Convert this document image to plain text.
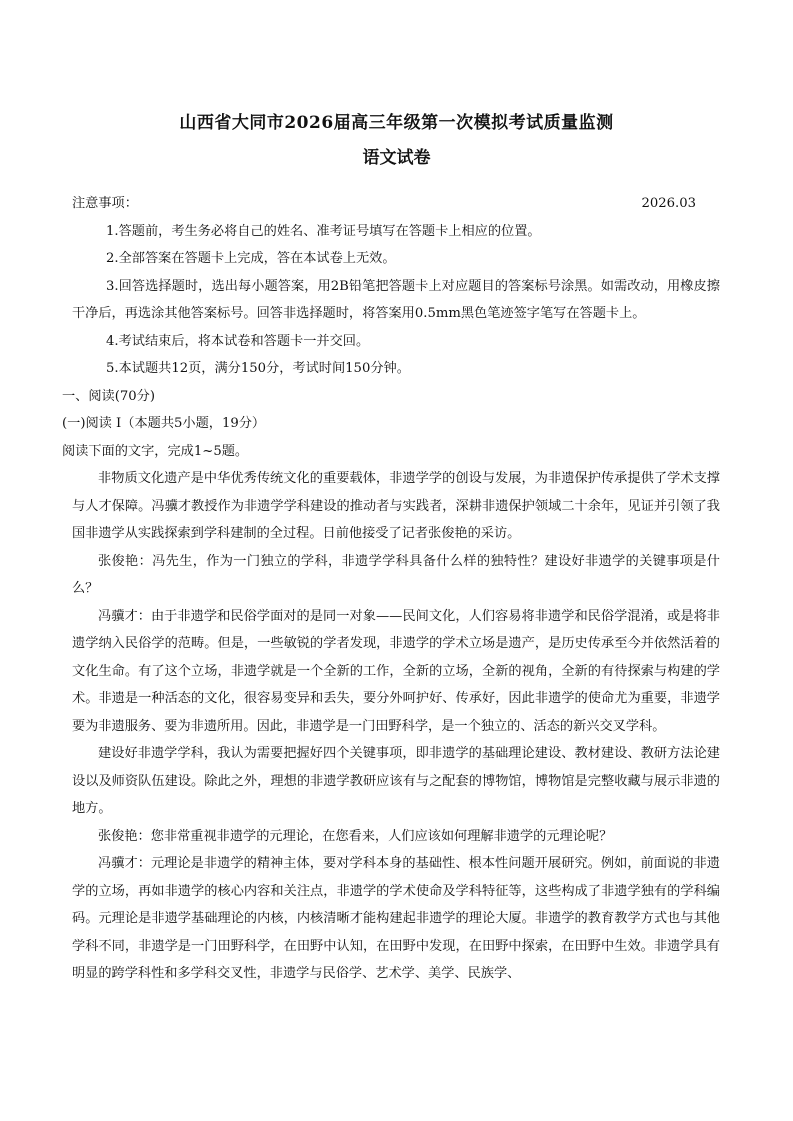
山西省大同市2026届高三年级第一次模拟考试质量监测
语文试卷
注意事项：	2026.03

1.答题前，考生务必将自己的姓名、准考证号填写在答题卡上相应的位置。

2.全部答案在答题卡上完成，答在本试卷上无效。

3.回答选择题时，选出每小题答案，用2B铅笔把答题卡上对应题目的答案标号涂黑。如需改动，用橡皮擦干净后，再选涂其他答案标号。回答非选择题时，将答案用0.5mm黑色笔迹签字笔写在答题卡上。

4.考试结束后，将本试卷和答题卡一并交回。

5.本试题共12页，满分150分，考试时间150分钟。

一、阅读(70分)

(一)阅读 I（本题共5小题，19分）

阅读下面的文字，完成1~5题。

非物质文化遗产是中华优秀传统文化的重要载体，非遗学学的创设与发展，为非遗保护传承提供了学术支撑与人才保障。冯骥才教授作为非遗学学科建设的推动者与实践者，深耕非遗保护领域二十余年，见证并引领了我国非遗学从实践探索到学科建制的全过程。日前他接受了记者张俊艳的采访。

张俊艳：冯先生，作为一门独立的学科，非遗学学科具备什么样的独特性？建设好非遗学的关键事项是什么？

冯骥才：由于非遗学和民俗学面对的是同一对象——民间文化，人们容易将非遗学和民俗学混淆，或是将非遗学纳入民俗学的范畴。但是，一些敏锐的学者发现，非遗学的学术立场是遗产，是历史传承至今并依然活着的文化生命。有了这个立场，非遗学就是一个全新的工作，全新的立场，全新的视角，全新的有待探索与构建的学术。非遗是一种活态的文化，很容易变异和丢失，要分外呵护好、传承好，因此非遗学的使命尤为重要，非遗学要为非遗服务、要为非遗所用。因此，非遗学是一门田野科学，是一个独立的、活态的新兴交叉学科。

建设好非遗学学科，我认为需要把握好四个关键事项，即非遗学的基础理论建设、教材建设、教研方法论建设以及师资队伍建设。除此之外，理想的非遗学教研应该有与之配套的博物馆，博物馆是完整收藏与展示非遗的地方。

张俊艳：您非常重视非遗学的元理论，在您看来，人们应该如何理解非遗学的元理论呢？

冯骥才：元理论是非遗学的精神主体，要对学科本身的基础性、根本性问题开展研究。例如，前面说的非遗学的立场，再如非遗学的核心内容和关注点，非遗学的学术使命及学科特征等，这些构成了非遗学独有的学科编码。元理论是非遗学基础理论的内核，内核清晰才能构建起非遗学的理论大厦。非遗学的教育教学方式也与其他学科不同，非遗学是一门田野科学，在田野中认知，在田野中发现，在田野中探索，在田野中生效。非遗学具有明显的跨学科性和多学科交叉性，非遗学与民俗学、艺术学、美学、民族学、
